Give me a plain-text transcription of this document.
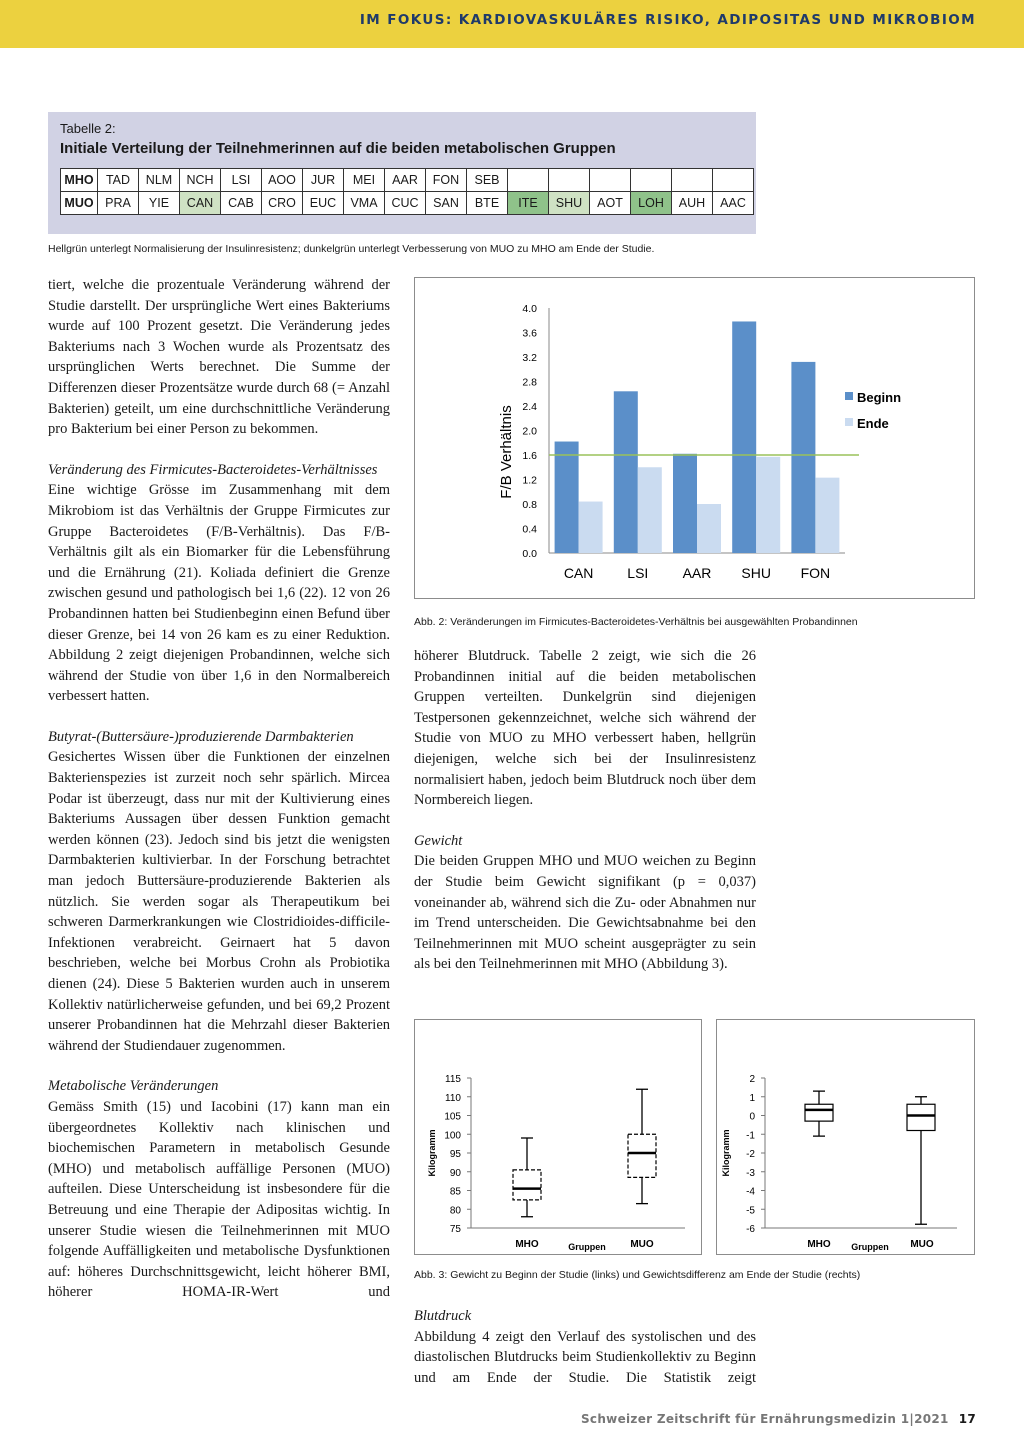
IM FOKUS: KARDIOVASKULÄRES RISIKO, ADIPOSITAS UND MIKROBIOM
Tabelle 2:
Initiale Verteilung der Teilnehmerinnen auf die beiden metabolischen Gruppen
MHO	TAD	NLM	NCH	LSI	AOO	JUR	MEI	AAR	FON	SEB						
MUO	PRA	YIE	CAN	CAB	CRO	EUC	VMA	CUC	SAN	BTE	ITE	SHU	AOT	LOH	AUH	AAC
Hellgrün unterlegt Normalisierung der Insulinresistenz; dunkelgrün unterlegt Verbesserung von MUO zu MHO am Ende der Studie.

tiert, welche die prozentuale Veränderung während der Studie darstellt. Der ursprüngliche Wert eines Bakteriums wurde auf 100 Prozent gesetzt. Die Veränderung jedes Bakteriums nach 3 Wochen wurde als Prozentsatz des ursprünglichen Werts berechnet. Die Summe der Differenzen dieser Prozentsätze wurde durch 68 (= Anzahl Bakterien) geteilt, um eine durchschnittliche Veränderung pro Bakterium bei einer Person zu bekommen.

Veränderung des Firmicutes-Bacteroidetes-Verhältnisses

Eine wichtige Grösse im Zusammenhang mit dem Mikrobiom ist das Verhältnis der Gruppe Firmicutes zur Gruppe Bacteroidetes (F/B-Verhältnis). Das F/B-Verhältnis gilt als ein Biomarker für die Lebensführung und die Ernährung (21). Koliada definiert die Grenze zwischen gesund und pathologisch bei 1,6 (22). 12 von 26 Probandinnen hatten bei Studienbeginn einen Befund über dieser Grenze, bei 14 von 26 kam es zu einer Reduktion. Abbildung 2 zeigt diejenigen Probandinnen, welche sich während der Studie von über 1,6 in den Normalbereich verbessert hatten.

Butyrat-(Buttersäure-)produzierende Darmbakterien

Gesichertes Wissen über die Funktionen der einzelnen Bakterienspezies ist zurzeit noch sehr spärlich. Mircea Podar ist überzeugt, dass nur mit der Kultivierung eines Bakteriums Aussagen über dessen Funktion gemacht werden können (23). Jedoch sind bis jetzt die wenigsten Darmbakterien kultivierbar. In der Forschung betrachtet man jedoch Buttersäure-produzierende Bakterien als nützlich. Sie werden sogar als Therapeutikum bei schweren Darmerkrankungen wie Clostridioides-difficile-Infektionen verabreicht. Geirnaert hat 5 davon beschrieben, welche bei Morbus Crohn als Probiotika dienen (24). Diese 5 Bakterien wurden auch in unserem Kollektiv natürlicherweise gefunden, und bei 69,2 Prozent unserer Probandinnen hat die Mehrzahl dieser Bakterien während der Studiendauer zugenommen.

Metabolische Veränderungen

Gemäss Smith (15) und Iacobini (17) kann man ein übergeordnetes Kollektiv nach klinischen und biochemischen Parametern in metabolisch Gesunde (MHO) und metabolisch auffällige Personen (MUO) aufteilen. Diese Unterscheidung ist insbesondere für die Betreuung und eine Therapie der Adipositas wichtig. In unserer Studie wiesen die Teilnehmerinnen mit MUO folgende Auffälligkeiten und metabolische Dysfunktionen auf: höheres Durchschnittsgewicht, leicht höherer BMI, höherer HOMA-IR-Wert und

F/B Verhältnis
0.0
0.4
0.8
1.2
1.6
2.0
2.4
2.8
3.2
3.6
4.0
CAN LSI AAR SHU FON
Beginn
Ende
Abb. 2: Veränderungen im Firmicutes-Bacteroidetes-Verhältnis bei ausgewählten Probandinnen

höherer Blutdruck. Tabelle 2 zeigt, wie sich die 26 Probandinnen initial auf die beiden metabolischen Gruppen verteilten. Dunkelgrün sind diejenigen Testpersonen gekennzeichnet, welche sich während der Studie von MUO zu MHO verbessert haben, hellgrün diejenigen, welche sich bei der Insulinresistenz normalisiert haben, jedoch beim Blutdruck noch über dem Normbereich liegen.

Gewicht

Die beiden Gruppen MHO und MUO weichen zu Beginn der Studie beim Gewicht signifikant (p = 0,037) voneinander ab, während sich die Zu- oder Abnahmen nur im Trend unterscheiden. Die Gewichtsabnahme bei den Teilnehmerinnen mit MUO scheint ausgeprägter zu sein als bei den Teilnehmerinnen mit MHO (Abbildung 3).

75
80
85
90
95
100
105
110
115
Kilogramm
Gruppen
MHO	MUO
-6
-5
-4
-3
-2
-1
0
1
2
Kilogramm
Gruppen
MHO	MUO
Abb. 3: Gewicht zu Beginn der Studie (links) und Gewichtsdifferenz am Ende der Studie (rechts)
Blutdruck

Abbildung 4 zeigt den Verlauf des systolischen und des diastolischen Blutdrucks beim Studienkollektiv zu Beginn und am Ende der Studie. Die Statistik zeigt

Schweizer Zeitschrift für Ernährungsmedizin 1|2021 17
